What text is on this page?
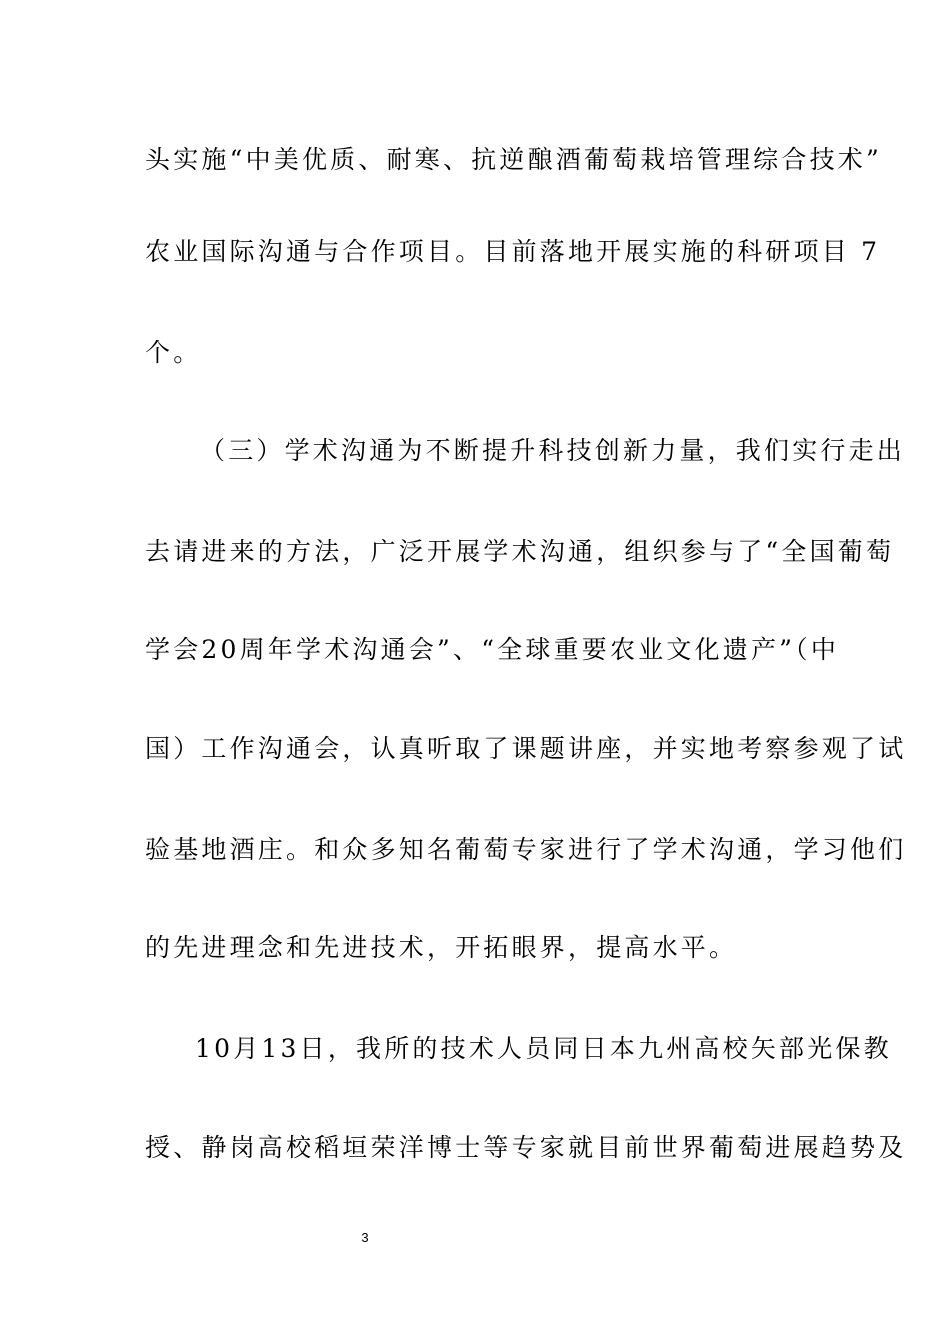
头实施“中美优质、耐寒、抗逆酿酒葡萄栽培管理综合技术”
农业国际沟通与合作项目。目前落地开展实施的科研项目 7
个。
（三）学术沟通为不断提升科技创新力量，我们实行走出
去请进来的方法，广泛开展学术沟通，组织参与了“全国葡萄
学会20周年学术沟通会”、“全球重要农业文化遗产”（中
国）工作沟通会，认真听取了课题讲座，并实地考察参观了试
验基地酒庄。和众多知名葡萄专家进行了学术沟通，学习他们
的先进理念和先进技术，开拓眼界，提高水平。
10月13日，我所的技术人员同日本九州高校矢部光保教
授、静岗高校稻垣荣洋博士等专家就目前世界葡萄进展趋势及
3
